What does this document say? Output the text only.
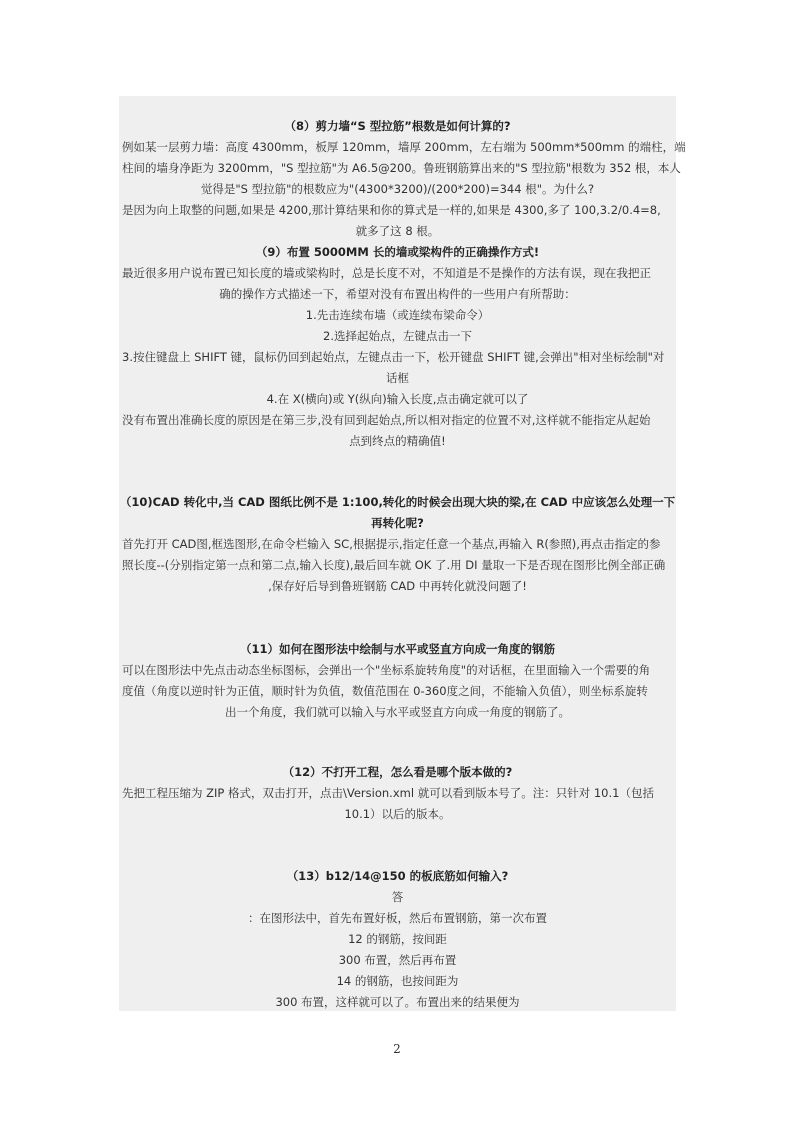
（8）剪力墙“S 型拉筋”根数是如何计算的?
例如某一层剪力墙：高度 4300mm，板厚 120mm，墙厚 200mm，左右端为 500mm*500mm 的端柱，端
柱间的墙身净距为 3200mm，"S 型拉筋"为 A6.5@200。鲁班钢筋算出来的"S 型拉筋"根数为 352 根，本人
觉得是"S 型拉筋"的根数应为"(4300*3200)/(200*200)=344 根"。为什么?
是因为向上取整的问题,如果是 4200,那计算结果和你的算式是一样的,如果是 4300,多了 100,3.2/0.4=8,
就多了这 8 根。
（9）布置 5000MM 长的墙或梁构件的正确操作方式!
最近很多用户说布置已知长度的墙或梁构时，总是长度不对，不知道是不是操作的方法有误，现在我把正
确的操作方式描述一下，希望对没有布置出构件的一些用户有所帮助：
1.先击连续布墙（或连续布梁命令）
2.选择起始点，左键点击一下
3.按住键盘上 SHIFT 键，鼠标仍回到起始点，左键点击一下，松开键盘 SHIFT 键,会弹出"相对坐标绘制"对
话框
4.在 X(横向)或 Y(纵向)输入长度,点击确定就可以了
没有布置出准确长度的原因是在第三步,没有回到起始点,所以相对指定的位置不对,这样就不能指定从起始
点到终点的精确值!
（10)CAD 转化中,当 CAD 图纸比例不是 1:100,转化的时候会出现大块的梁,在 CAD 中应该怎么处理一下
再转化呢?
首先打开 CAD图,框选图形,在命令栏输入 SC,根据提示,指定任意一个基点,再输入 R(参照),再点击指定的参
照长度--(分别指定第一点和第二点,输入长度),最后回车就 OK 了.用 DI 量取一下是否现在图形比例全部正确
,保存好后导到鲁班钢筋 CAD 中再转化就没问题了!
（11）如何在图形法中绘制与水平或竖直方向成一角度的钢筋
可以在图形法中先点击动态坐标图标，会弹出一个"坐标系旋转角度"的对话框，在里面输入一个需要的角
度值（角度以逆时针为正值，顺时针为负值，数值范围在 0-360度之间，不能输入负值），则坐标系旋转
出一个角度，我们就可以输入与水平或竖直方向成一角度的钢筋了。
（12）不打开工程，怎么看是哪个版本做的?
先把工程压缩为 ZIP 格式，双击打开，点击\Version.xml 就可以看到版本号了。注：只针对 10.1（包括
10.1）以后的版本。
（13）b12/14@150 的板底筋如何输入?
答
：在图形法中，首先布置好板，然后布置钢筋，第一次布置
12 的钢筋，按间距
300 布置，然后再布置
14 的钢筋，也按间距为
300 布置，这样就可以了。布置出来的结果便为
2
